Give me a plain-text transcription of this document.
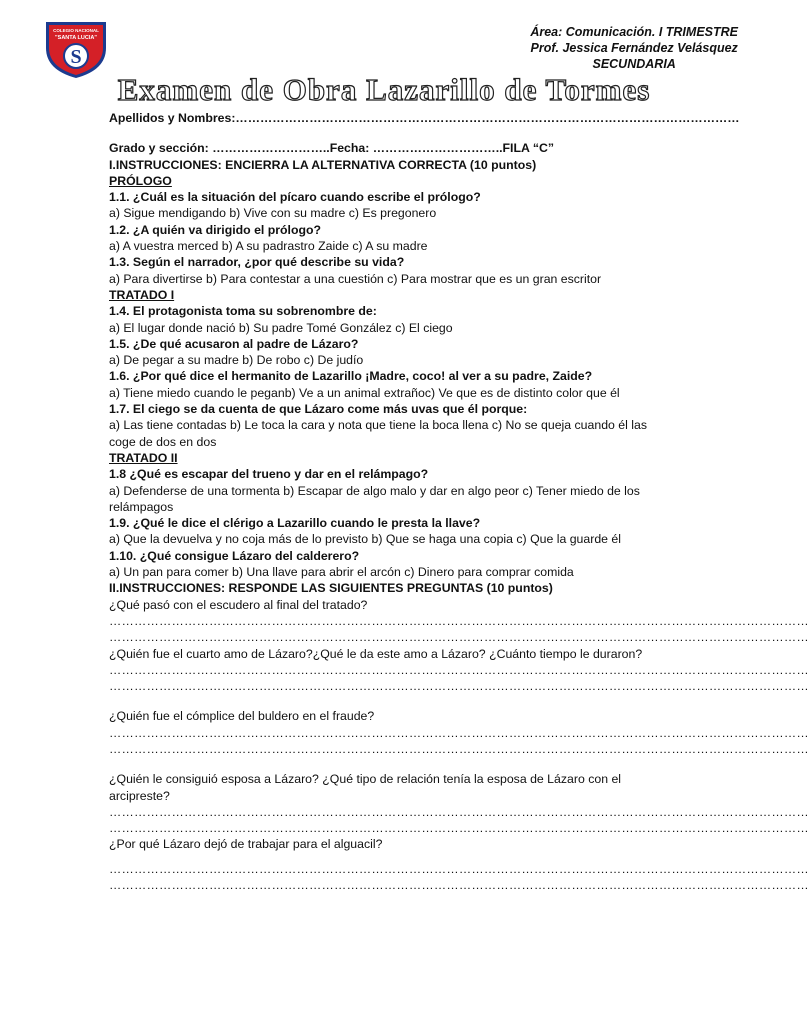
COLEGIO NACIONAL
"SANTA LUCIA"
S
Área: Comunicación. I TRIMESTRE
Prof. Jessica Fernández Velásquez
SECUNDARIA
Examen de Obra Lazarillo de Tormes
Apellidos y Nombres:……………………………………………………………………………………………………………
Grado y sección: ………………………..Fecha: …………………………..FILA “C”
I.INSTRUCCIONES: ENCIERRA LA ALTERNATIVA CORRECTA (10 puntos)
PRÓLOGO
1.1. ¿Cuál es la situación del pícaro cuando escribe el prólogo?
a) Sigue mendigando b) Vive con su madre c) Es pregonero
1.2. ¿A quién va dirigido el prólogo?
a) A vuestra merced b) A su padrastro Zaide c) A su madre
1.3. Según el narrador, ¿por qué describe su vida?
a) Para divertirse b) Para contestar a una cuestión c) Para mostrar que es un gran escritor
TRATADO I
1.4. El protagonista toma su sobrenombre de:
a) El lugar donde nació b) Su padre Tomé González c) El ciego
1.5. ¿De qué acusaron al padre de Lázaro?
a) De pegar a su madre b) De robo c) De judío
1.6. ¿Por qué dice el hermanito de Lazarillo ¡Madre, coco! al ver a su padre, Zaide?
a) Tiene miedo cuando le peganb) Ve a un animal extrañoc) Ve que es de distinto color que él
1.7. El ciego se da cuenta de que Lázaro come más uvas que él porque:
a) Las tiene contadas b) Le toca la cara y nota que tiene la boca llena c) No se queja cuando él las coge de dos en dos
TRATADO II
1.8 ¿Qué es escapar del trueno y dar en el relámpago?
a) Defenderse de una tormenta b) Escapar de algo malo y dar en algo peor c) Tener miedo de los relámpagos
1.9. ¿Qué le dice el clérigo a Lazarillo cuando le presta la llave?
a) Que la devuelva y no coja más de lo previsto b) Que se haga una copia c) Que la guarde él
1.10. ¿Qué consigue Lázaro del calderero?
a) Un pan para comer b) Una llave para abrir el arcón c) Dinero para comprar comida
II.INSTRUCCIONES: RESPONDE LAS SIGUIENTES PREGUNTAS (10 puntos)
¿Qué pasó con el escudero al final del tratado?
……………………………………………………………………………………………………………………………………………………
……………………………………………………………………………………………………………………………………………………
¿Quién fue el cuarto amo de Lázaro?¿Qué le da este amo a Lázaro? ¿Cuánto tiempo le duraron?
……………………………………………………………………………………………………………………………………………………
……………………………………………………………………………………………………………………………………………………
¿Quién fue el cómplice del buldero en el fraude?
……………………………………………………………………………………………………………………………………………………
……………………………………………………………………………………………………………………………………………………
¿Quién le consiguió esposa a Lázaro? ¿Qué tipo de relación tenía la esposa de Lázaro con el arcipreste?
……………………………………………………………………………………………………………………………………………………
……………………………………………………………………………………………………………………………………………………
¿Por qué Lázaro dejó de trabajar para el alguacil?
……………………………………………………………………………………………………………………………………………………
……………………………………………………………………………………………………………………………………………………
